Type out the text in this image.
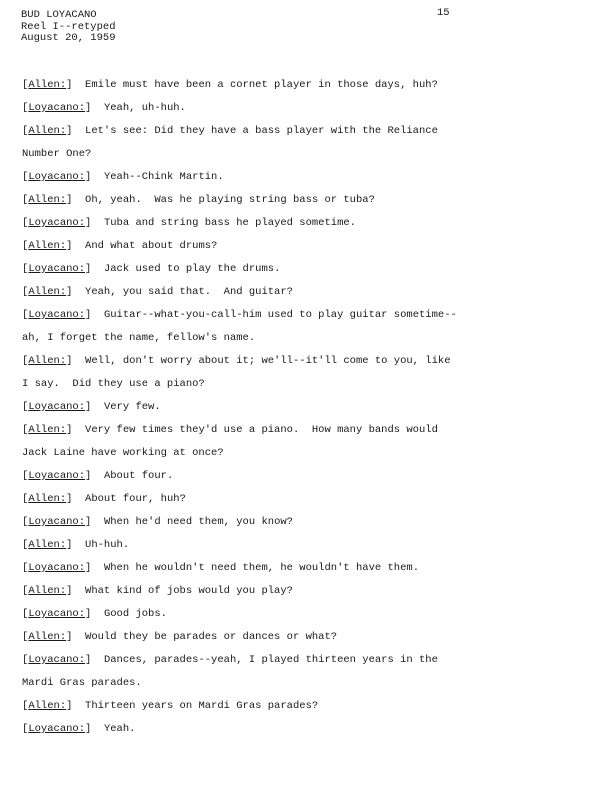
BUD LOYACANO
Reel I--retyped
August 20, 1959
15

[Allen:]  Emile must have been a cornet player in those days, huh?

[Loyacano:]  Yeah, uh-huh.

[Allen:]  Let's see: Did they have a bass player with the Reliance

Number One?

[Loyacano:]  Yeah--Chink Martin.

[Allen:]  Oh, yeah.  Was he playing string bass or tuba?

[Loyacano:]  Tuba and string bass he played sometime.

[Allen:]  And what about drums?

[Loyacano:]  Jack used to play the drums.

[Allen:]  Yeah, you said that.  And guitar?

[Loyacano:]  Guitar--what-you-call-him used to play guitar sometime--

ah, I forget the name, fellow's name.

[Allen:]  Well, don't worry about it; we'll--it'll come to you, like

I say.  Did they use a piano?

[Loyacano:]  Very few.

[Allen:]  Very few times they'd use a piano.  How many bands would

Jack Laine have working at once?

[Loyacano:]  About four.

[Allen:]  About four, huh?

[Loyacano:]  When he'd need them, you know?

[Allen:]  Uh-huh.

[Loyacano:]  When he wouldn't need them, he wouldn't have them.

[Allen:]  What kind of jobs would you play?

[Loyacano:]  Good jobs.

[Allen:]  Would they be parades or dances or what?

[Loyacano:]  Dances, parades--yeah, I played thirteen years in the

Mardi Gras parades.

[Allen:]  Thirteen years on Mardi Gras parades?

[Loyacano:]  Yeah.
